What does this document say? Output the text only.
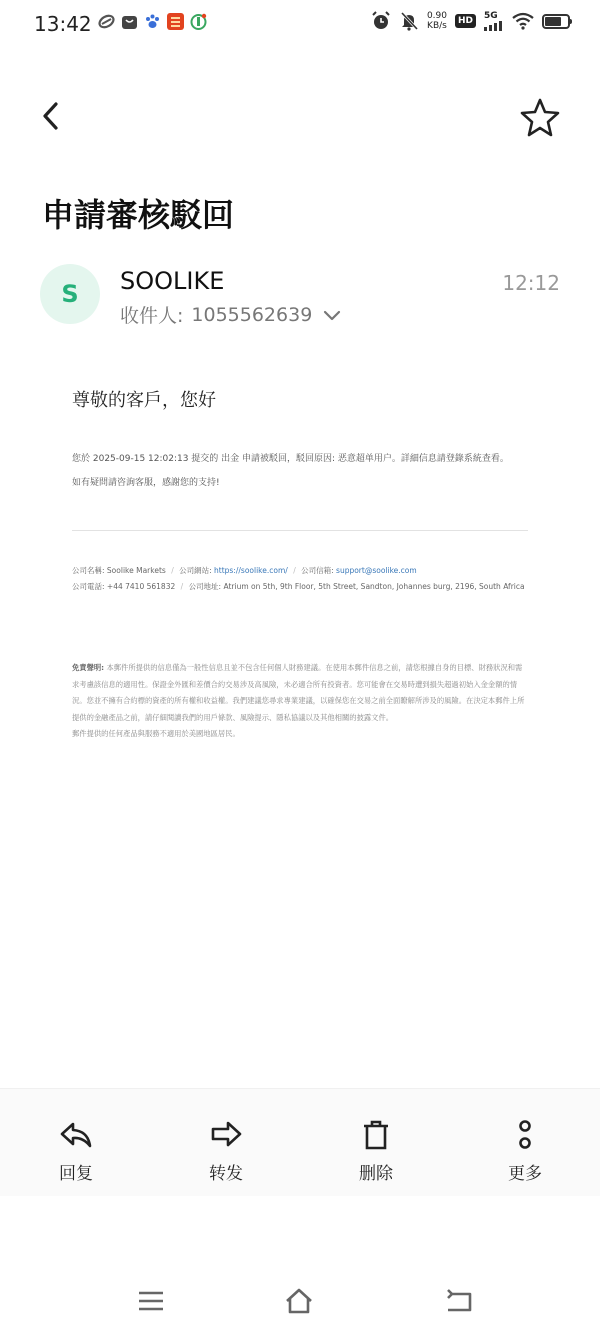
13:42	0.90
KB/s	HD
5G
申請審核駁回
S	SOOLIKE
收件人: 1055562639
12:12
尊敬的客戶，您好
您於 2025-09-15 12:02:13 提交的 出金 申請被駁回，駁回原因: 恶意超单用户。詳細信息請登錄系統查看。
如有疑問請咨詢客服，感謝您的支持!
公司名稱: Soolike Markets / 公司網站: https://soolike.com/ / 公司信箱: support@soolike.com
公司電話: +44 7410 561832 / 公司地址: Atrium on 5th, 9th Floor, 5th Street, Sandton, Johannes burg, 2196, South Africa
免責聲明: 本郵件所提供的信息僅為一般性信息且並不包含任何個人財務建議。在使用本郵件信息之前，請您根據自身的目標、財務狀況和需求考慮該信息的適用性。保證金外匯和差價合約交易涉及高風險，未必適合所有投資者。您可能會在交易時遭到損失超過初始入金金額的情況。您並不擁有合約標的資產的所有權和收益權。我們建議您尋求專業建議，以確保您在交易之前全面瞭解所涉及的風險。在決定本郵件上所提供的金融產品之前，請仔細閱讀我們的用戶條款、風險提示、隱私協議以及其他相關的披露文件。
郵件提供的任何產品與服務不適用於美國地區居民。
回复	转发	删除	更多
